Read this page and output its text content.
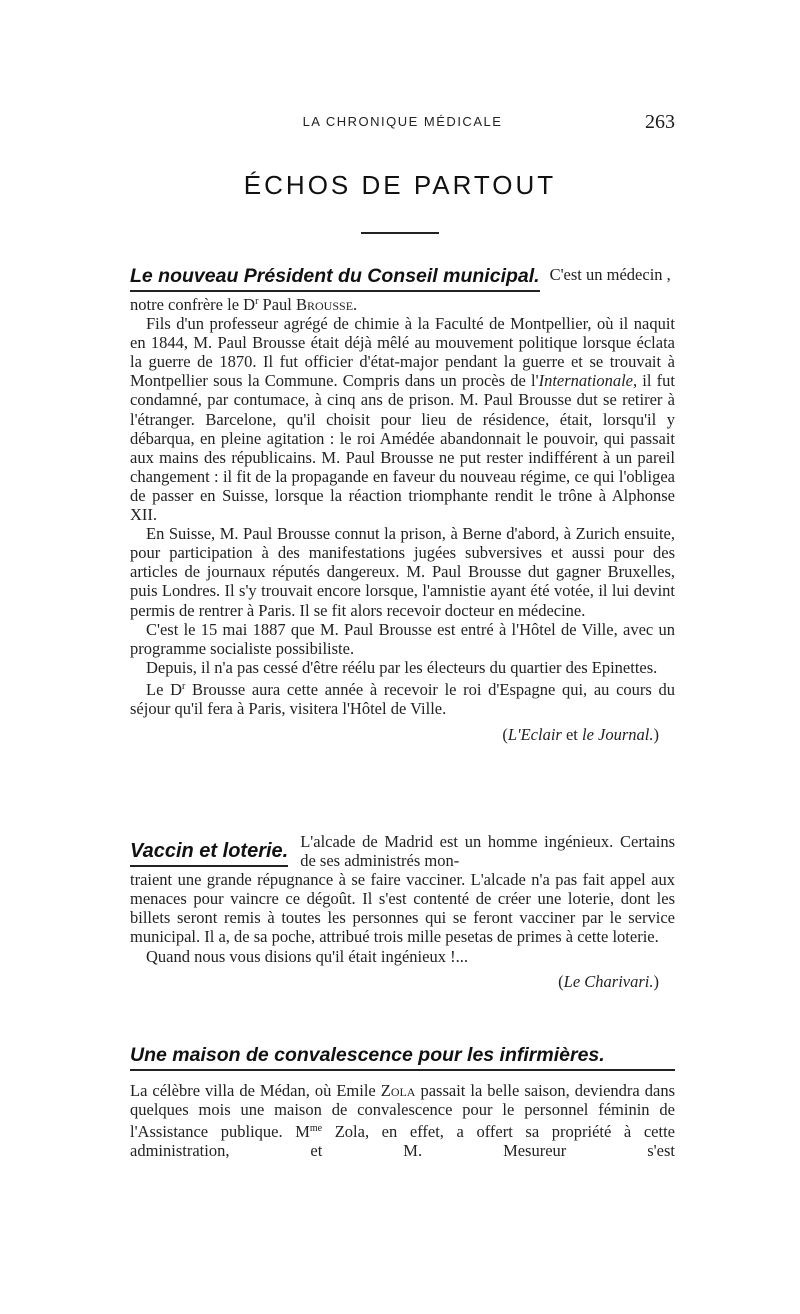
LA CHRONIQUE MÉDICALE	263
ÉCHOS DE PARTOUT
Le nouveau Président du Conseil municipal. C'est un médecin ,

notre confrère le $D^r$ Paul Brousse.

Fils d'un professeur agrégé de chimie à la Faculté de Montpellier, où il naquit en 1844, M. Paul Brousse était déjà mêlé au mouvement politique lorsque éclata la guerre de 1870. Il fut officier d'état-major pendant la guerre et se trouvait à Montpellier sous la Commune. Compris dans un procès de l'Internationale, il fut condamné, par contumace, à cinq ans de prison. M. Paul Brousse dut se retirer à l'étranger. Barcelone, qu'il choisit pour lieu de résidence, était, lorsqu'il y débarqua, en pleine agitation : le roi Amédée abandonnait le pouvoir, qui passait aux mains des républicains. M. Paul Brousse ne put rester indifférent à un pareil changement : il fit de la propagande en faveur du nouveau régime, ce qui l'obligea de passer en Suisse, lorsque la réaction triomphante rendit le trône à Alphonse XII.

En Suisse, M. Paul Brousse connut la prison, à Berne d'abord, à Zurich ensuite, pour participation à des manifestations jugées subversives et aussi pour des articles de journaux réputés dangereux. M. Paul Brousse dut gagner Bruxelles, puis Londres. Il s'y trouvait encore lorsque, l'amnistie ayant été votée, il lui devint permis de rentrer à Paris. Il se fit alors recevoir docteur en médecine.

C'est le 15 mai 1887 que M. Paul Brousse est entré à l'Hôtel de Ville, avec un programme socialiste possibiliste.

Depuis, il n'a pas cessé d'être réélu par les électeurs du quartier des Epinettes.

Le $D^r$ Brousse aura cette année à recevoir le roi d'Espagne qui, au cours du séjour qu'il fera à Paris, visitera l'Hôtel de Ville.

(L'Eclair et le Journal.)

Vaccin et loterie. L'alcade de Madrid est un homme ingénieux. Certains de ses administrés mon-

traient une grande répugnance à se faire vacciner. L'alcade n'a pas fait appel aux menaces pour vaincre ce dégoût. Il s'est contenté de créer une loterie, dont les billets seront remis à toutes les personnes qui se feront vacciner par le service municipal. Il a, de sa poche, attribué trois mille pesetas de primes à cette loterie.

Quand nous vous disions qu'il était ingénieux !...

(Le Charivari.)

Une maison de convalescence pour les infirmières.

La célèbre villa de Médan, où Emile Zola passait la belle saison, deviendra dans quelques mois une maison de convalescence pour le personnel féminin de l'Assistance publique. $M^{me}$ Zola, en effet, a offert sa propriété à cette administration, et M. Mesureur s'est
